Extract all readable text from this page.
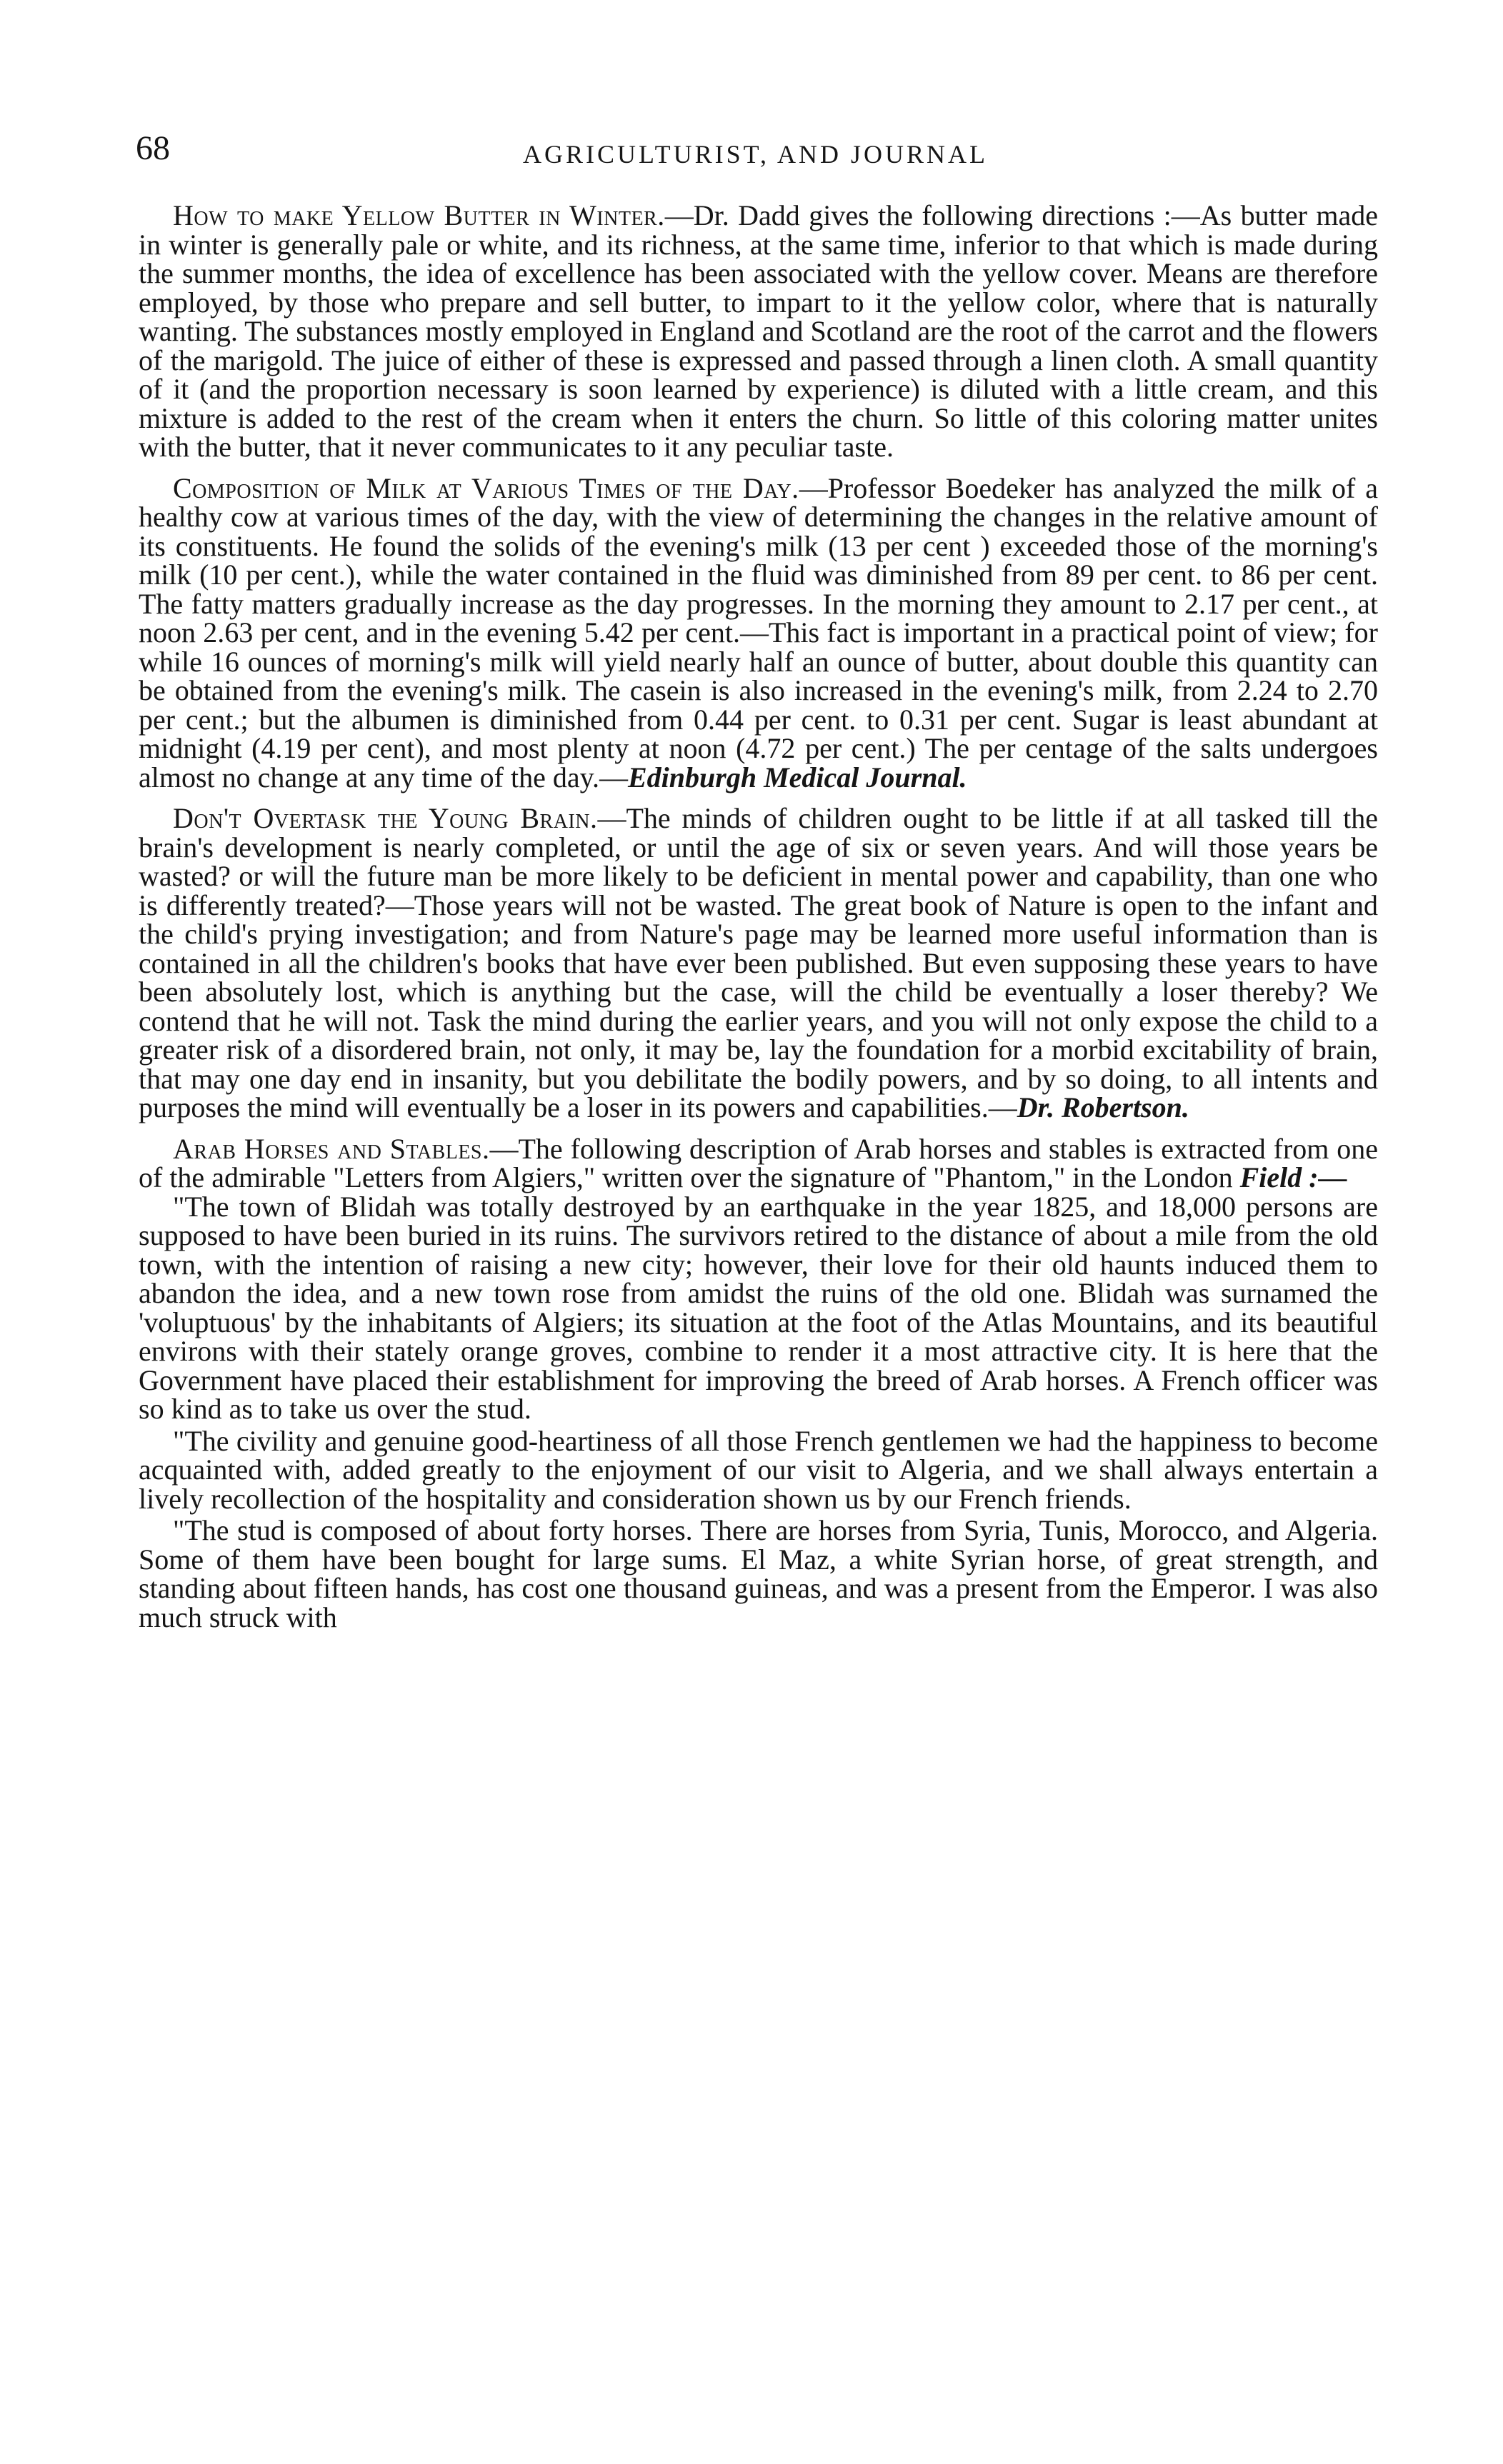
68	AGRICULTURIST, AND JOURNAL

How to make Yellow Butter in Winter.—Dr. Dadd gives the following directions :—As butter made in winter is generally pale or white, and its richness, at the same time, inferior to that which is made during the summer months, the idea of excellence has been associated with the yellow cover. Means are therefore employed, by those who prepare and sell butter, to impart to it the yellow color, where that is naturally wanting. The substances mostly employed in England and Scotland are the root of the carrot and the flowers of the marigold. The juice of either of these is expressed and passed through a linen cloth. A small quantity of it (and the proportion necessary is soon learned by experience) is diluted with a little cream, and this mixture is added to the rest of the cream when it enters the churn. So little of this coloring matter unites with the butter, that it never communicates to it any peculiar taste.

Composition of Milk at Various Times of the Day.—Professor Boedeker has analyzed the milk of a healthy cow at various times of the day, with the view of determining the changes in the relative amount of its constituents. He found the solids of the evening's milk (13 per cent ) exceeded those of the morning's milk (10 per cent.), while the water contained in the fluid was diminished from 89 per cent. to 86 per cent. The fatty matters gradually increase as the day progresses. In the morning they amount to 2.17 per cent., at noon 2.63 per cent, and in the evening 5.42 per cent.—This fact is important in a practical point of view; for while 16 ounces of morning's milk will yield nearly half an ounce of butter, about double this quantity can be obtained from the evening's milk. The casein is also increased in the evening's milk, from 2.24 to 2.70 per cent.; but the albumen is diminished from 0.44 per cent. to 0.31 per cent. Sugar is least abundant at midnight (4.19 per cent), and most plenty at noon (4.72 per cent.) The per centage of the salts undergoes almost no change at any time of the day.—Edinburgh Medical Journal.

Don't Overtask the Young Brain.—The minds of children ought to be little if at all tasked till the brain's development is nearly completed, or until the age of six or seven years. And will those years be wasted? or will the future man be more likely to be deficient in mental power and capability, than one who is differently treated?—Those years will not be wasted. The great book of Nature is open to the infant and the child's prying investigation; and from Nature's page may be learned more useful information than is contained in all the children's books that have ever been published. But even supposing these years to have been absolutely lost, which is anything but the case, will the child be eventually a loser thereby? We contend that he will not. Task the mind during the earlier years, and you will not only expose the child to a greater risk of a disordered brain, not only, it may be, lay the foundation for a morbid excitability of brain, that may one day end in insanity, but you debilitate the bodily powers, and by so doing, to all intents and purposes the mind will eventually be a loser in its powers and capabilities.—Dr. Robertson.

Arab Horses and Stables.—The following description of Arab horses and stables is extracted from one of the admirable "Letters from Algiers," written over the signature of "Phantom," in the London Field :—

"The town of Blidah was totally destroyed by an earthquake in the year 1825, and 18,000 persons are supposed to have been buried in its ruins. The survivors retired to the distance of about a mile from the old town, with the intention of raising a new city; however, their love for their old haunts induced them to abandon the idea, and a new town rose from amidst the ruins of the old one. Blidah was surnamed the 'voluptuous' by the inhabitants of Algiers; its situation at the foot of the Atlas Mountains, and its beautiful environs with their stately orange groves, combine to render it a most attractive city. It is here that the Government have placed their establishment for improving the breed of Arab horses. A French officer was so kind as to take us over the stud.

"The civility and genuine good-heartiness of all those French gentlemen we had the happiness to become acquainted with, added greatly to the enjoyment of our visit to Algeria, and we shall always entertain a lively recollection of the hospitality and consideration shown us by our French friends.

"The stud is composed of about forty horses. There are horses from Syria, Tunis, Morocco, and Algeria. Some of them have been bought for large sums. El Maz, a white Syrian horse, of great strength, and standing about fifteen hands, has cost one thousand guineas, and was a present from the Emperor. I was also much struck with
